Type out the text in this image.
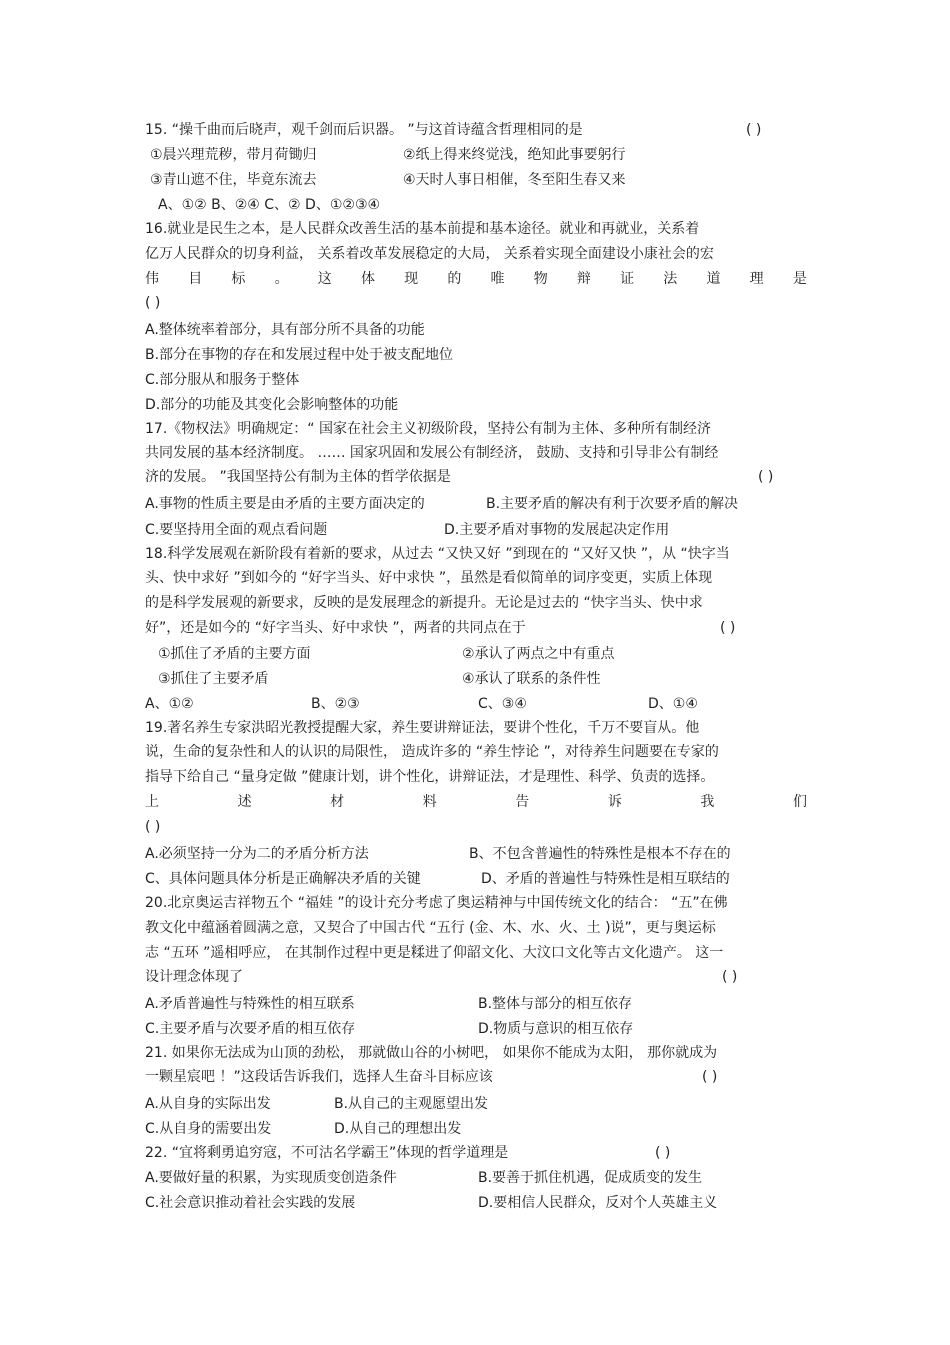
15. “操千曲而后晓声，观千剑而后识器。 ”与这首诗蕴含哲理相同的是	( )
①晨兴理荒秽，带月荷锄归	②纸上得来终觉浅，绝知此事要躬行
③青山遮不住，毕竟东流去	④天时人事日相催，冬至阳生春又来
A、①② B、②④ C、② D、①②③④
16.就业是民生之本，是人民群众改善生活的基本前提和基本途径。就业和再就业，关系着
亿万人民群众的切身利益， 关系着改革发展稳定的大局， 关系着实现全面建设小康社会的宏
伟 目 标 。 这 体 现 的 唯 物 辩 证 法 道 理 是
( )
A.整体统率着部分，具有部分所不具备的功能
B.部分在事物的存在和发展过程中处于被支配地位
C.部分服从和服务于整体
D.部分的功能及其变化会影响整体的功能
17.《物权法》明确规定：“ 国家在社会主义初级阶段，坚持公有制为主体、多种所有制经济
共同发展的基本经济制度。 …… 国家巩固和发展公有制经济， 鼓励、支持和引导非公有制经
济的发展。 ”我国坚持公有制为主体的哲学依据是	( )
A.事物的性质主要是由矛盾的主要方面决定的	B.主要矛盾的解决有利于次要矛盾的解决
C.要坚持用全面的观点看问题	D.主要矛盾对事物的发展起决定作用
18.科学发展观在新阶段有着新的要求，从过去 “又快又好 ”到现在的 “又好又快 ”，从 “快字当
头、快中求好 ”到如今的 “好字当头、好中求快 ”，虽然是看似简单的词序变更，实质上体现
的是科学发展观的新要求，反映的是发展理念的新提升。无论是过去的 “快字当头、快中求
好”，还是如今的 “好字当头、好中求快 ”，两者的共同点在于	( )
①抓住了矛盾的主要方面	②承认了两点之中有重点
③抓住了主要矛盾	④承认了联系的条件性
A、①②	B、②③	C、③④	D、①④
19.著名养生专家洪昭光教授提醒大家，养生要讲辩证法，要讲个性化，千万不要盲从。他
说，生命的复杂性和人的认识的局限性， 造成许多的 “养生悖论 ”，对待养生问题要在专家的
指导下给自己 “量身定做 ”健康计划，讲个性化，讲辩证法，才是理性、科学、负责的选择。
上	述	材	料	告	诉	我	们
( )
A.必须坚持一分为二的矛盾分析方法	B、不包含普遍性的特殊性是根本不存在的
C、具体问题具体分析是正确解决矛盾的关键	D、矛盾的普遍性与特殊性是相互联结的
20.北京奥运吉祥物五个 “福娃 ”的设计充分考虑了奥运精神与中国传统文化的结合： “五”在佛
教文化中蕴涵着圆满之意，又契合了中国古代 “五行 (金、木、水、火、土 )说”，更与奥运标
志 “五环 ”遥相呼应， 在其制作过程中更是糅进了仰韶文化、大汶口文化等古文化遗产。 这一
设计理念体现了	( )
A.矛盾普遍性与特殊性的相互联系	B.整体与部分的相互依存
C.主要矛盾与次要矛盾的相互依存	D.物质与意识的相互依存
21. 如果你无法成为山顶的劲松， 那就做山谷的小树吧， 如果你不能成为太阳， 那你就成为
一颗星宸吧 ！”这段话告诉我们，选择人生奋斗目标应该	( )
A.从自身的实际出发	B.从自己的主观愿望出发
C.从自身的需要出发	D.从自己的理想出发
22. “宜将剩勇追穷寇，不可沽名学霸王”体现的哲学道理是	( )
A.要做好量的积累，为实现质变创造条件	B.要善于抓住机遇，促成质变的发生
C.社会意识推动着社会实践的发展	D.要相信人民群众，反对个人英雄主义
